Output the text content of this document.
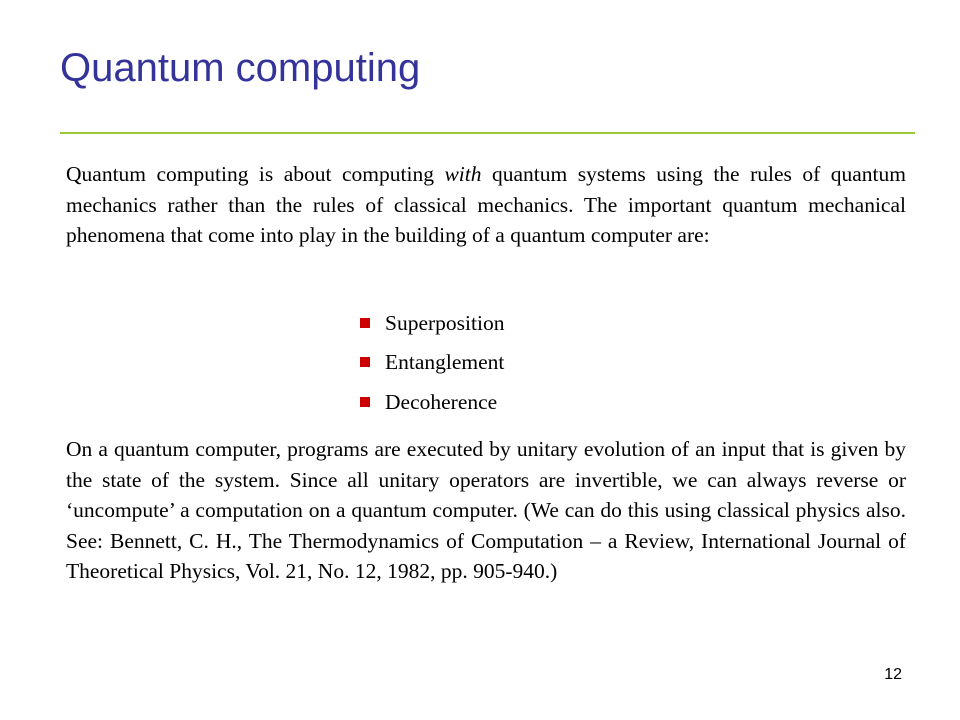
Quantum computing

Quantum computing is about computing with quantum systems using the rules of quantum mechanics rather than the rules of classical mechanics. The important quantum mechanical phenomena that come into play in the building of a quantum computer are:

Superposition
Entanglement
Decoherence

On a quantum computer, programs are executed by unitary evolution of an input that is given by the state of the system. Since all unitary operators are invertible, we can always reverse or ‘uncompute’ a computation on a quantum computer. (We can do this using classical physics also. See: Bennett, C. H., The Thermodynamics of Computation – a Review, International Journal of Theoretical Physics, Vol. 21, No. 12, 1982, pp. 905-940.)

12
